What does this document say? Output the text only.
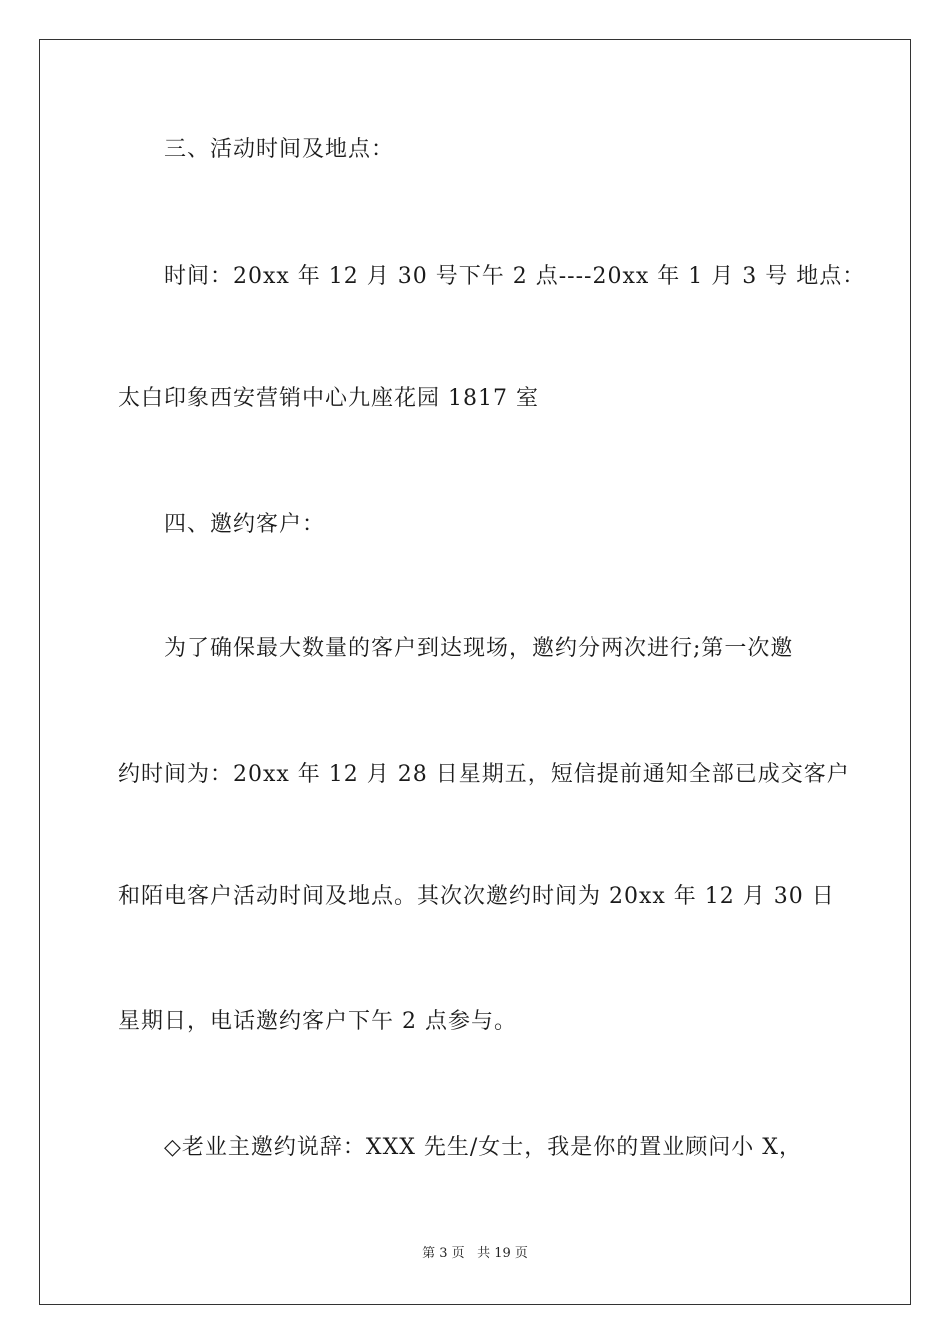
三、活动时间及地点：
时间：20xx 年 12 月 30 号下午 2 点----20xx 年 1 月 3 号 地点：
太白印象西安营销中心九座花园 1817 室
四、邀约客户：
为了确保最大数量的客户到达现场，邀约分两次进行;第一次邀
约时间为：20xx 年 12 月 28 日星期五，短信提前通知全部已成交客户
和陌电客户活动时间及地点。其次次邀约时间为 20xx 年 12 月 30 日
星期日，电话邀约客户下午 2 点参与。
◇老业主邀约说辞：XXX 先生/女士，我是你的置业顾问小 X，
第 3 页 共 19 页
